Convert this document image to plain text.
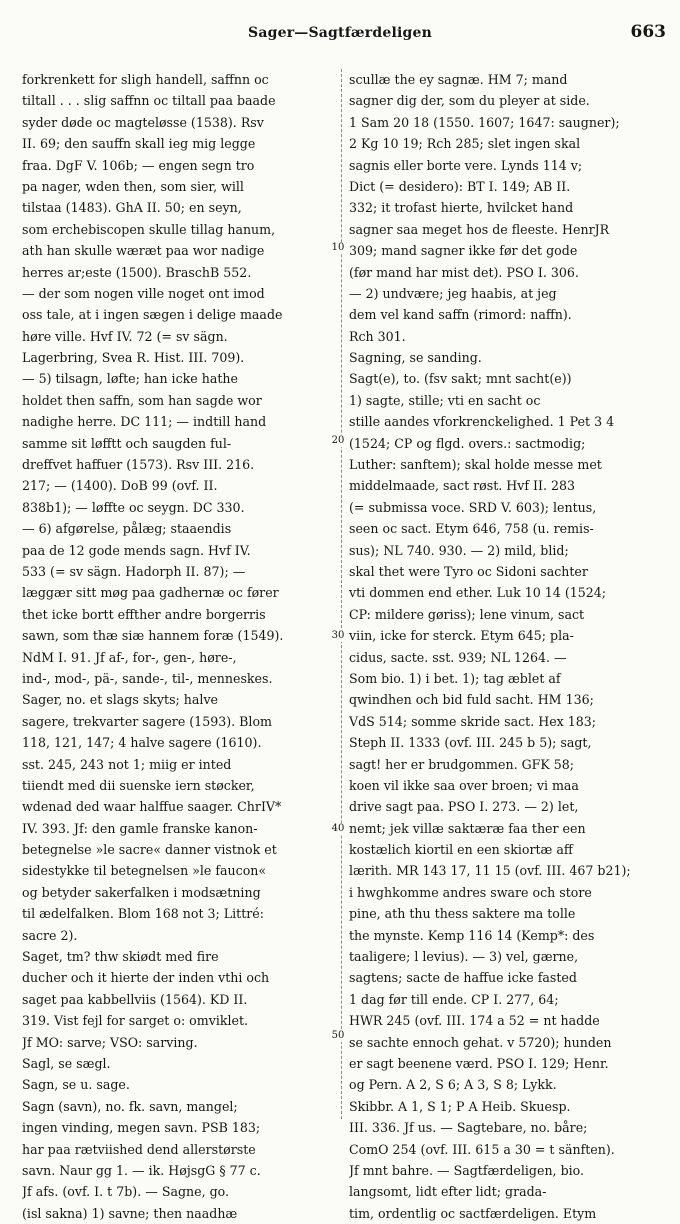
Sager—Sagtfærdeligen	663
forkrenkett for sligh handell, saffnn oc
tiltall . . . slig saffnn oc tiltall paa baade
syder døde oc magteløsse (1538). Rsv
II. 69; den sauffn skall ieg mig legge
fraa. DgF V. 106b; — engen segn tro
pa nager, wden then, som sier, will
tilstaa (1483). GhA II. 50; en seyn,
som erchebiscopen skulle tillag hanum,
ath han skulle wæræt paa wor nadige
herres ar;este (1500). BraschB 552.
— der som nogen ville noget ont imod
oss tale, at i ingen sægen i delige maade
høre ville. Hvf IV. 72 (= sv sägn.
Lagerbring, Svea R. Hist. III. 709).
— 5) tilsagn, løfte; han icke hathe
holdet then saffn, som han sagde wor
nadighe herre. DC 111; — indtill hand
samme sit løfftt och saugden ful-
dreffvet haffuer (1573). Rsv III. 216.
217; — (1400). DoB 99 (ovf. II.
838b1); — løffte oc seygn. DC 330.
— 6) afgørelse, pålæg; staaendis
paa de 12 gode mends sagn. Hvf IV.
533 (= sv sägn. Hadorph II. 87); —
læggær sitt møg paa gadhernæ oc fører
thet icke bortt effther andre borgerris
sawn, som thæ siæ hannem foræ (1549).
NdM I. 91. Jf af-, for-, gen-, høre-,
ind-, mod-, pä-, sande-, til-, menneskes.
Sager, no. et slags skyts; halve
sagere, trekvarter sagere (1593). Blom
118, 121, 147; 4 halve sagere (1610).
sst. 245, 243 not 1; miig er inted
tiiendt med dii suenske iern støcker,
wdenad ded waar halffue saager. ChrIV*
IV. 393. Jf: den gamle franske kanon-
betegnelse »le sacre« danner vistnok et
sidestykke til betegnelsen »le faucon«
og betyder sakerfalken i modsætning
til ædelfalken. Blom 168 not 3; Littré:
sacre 2).
Saget, tm? thw skiødt med fire
ducher och it hierte der inden vthi och
saget paa kabbellviis (1564). KD II.
319. Vist fejl for sarget o: omviklet.
Jf MO: sarve; VSO: sarving.
Sagl, se sægl.
Sagn, se u. sage.
Sagn (savn), no. fk. savn, mangel;
ingen vinding, megen savn. PSB 183;
har paa rætviished dend allerstørste
savn. Naur gg 1. — ik. HøjsgG § 77 c.
Jf afs. (ovf. I. t 7b). — Sagne, go.
(isl sakna) 1) savne; then naadhæ
scullæ the ey sagnæ. HM 7; mand
sagner dig der, som du pleyer at side.
1 Sam 20 18 (1550. 1607; 1647: saugner);
2 Kg 10 19; Rch 285; slet ingen skal
sagnis eller borte vere. Lynds 114 v;
Dict (= desidero): BT I. 149; AB II.
332; it trofast hierte, hvilcket hand
sagner saa meget hos de fleeste. HenrJR
309; mand sagner ikke før det gode
(før mand har mist det). PSO I. 306.
— 2) undvære; jeg haabis, at jeg
dem vel kand saffn (rimord: naffn).
Rch 301.
Sagning, se sanding.
Sagt(e), to. (fsv sakt; mnt sacht(e))
1) sagte, stille; vti en sacht oc
stille aandes vforkrenckelighed. 1 Pet 3 4
(1524; CP og flgd. overs.: sactmodig;
Luther: sanftem); skal holde messe met
middelmaade, sact røst. Hvf II. 283
(= submissa voce. SRD V. 603); lentus,
seen oc sact. Etym 646, 758 (u. remis-
sus); NL 740. 930. — 2) mild, blid;
skal thet were Tyro oc Sidoni sachter
vti dommen end ether. Luk 10 14 (1524;
CP: mildere gøriss); lene vinum, sact
viin, icke for sterck. Etym 645; pla-
cidus, sacte. sst. 939; NL 1264. —
Som bio. 1) i bet. 1); tag æblet af
qwindhen och bid fuld sacht. HM 136;
VdS 514; somme skride sact. Hex 183;
Steph II. 1333 (ovf. III. 245 b 5); sagt,
sagt! her er brudgommen. GFK 58;
koen vil ikke saa over broen; vi maa
drive sagt paa. PSO I. 273. — 2) let,
nemt; jek villæ saktæræ faa ther een
kostælich kiortil en een skiortæ aff
lærith. MR 143 17, 11 15 (ovf. III. 467 b21);
i hwghkomme andres sware och store
pine, ath thu thess saktere ma tolle
the mynste. Kemp 116 14 (Kemp*: des
taaligere; l levius). — 3) vel, gærne,
sagtens; sacte de haffue icke fasted
1 dag før till ende. CP I. 277, 64;
HWR 245 (ovf. III. 174 a 52 = nt hadde
se sachte ennoch gehat. v 5720); hunden
er sagt beenene værd. PSO I. 129; Henr.
og Pern. A 2, S 6; A 3, S 8; Lykk.
Skibbr. A 1, S 1; P A Heib. Skuesp.
III. 336. Jf us. — Sagtebare, no. båre;
ComO 254 (ovf. III. 615 a 30 = t sänften).
Jf mnt bahre. — Sagtfærdeligen, bio.
langsomt, lidt efter lidt; grada-
tim, ordentlig oc sactfærdeligen. Etym
10
20
30
40
50
